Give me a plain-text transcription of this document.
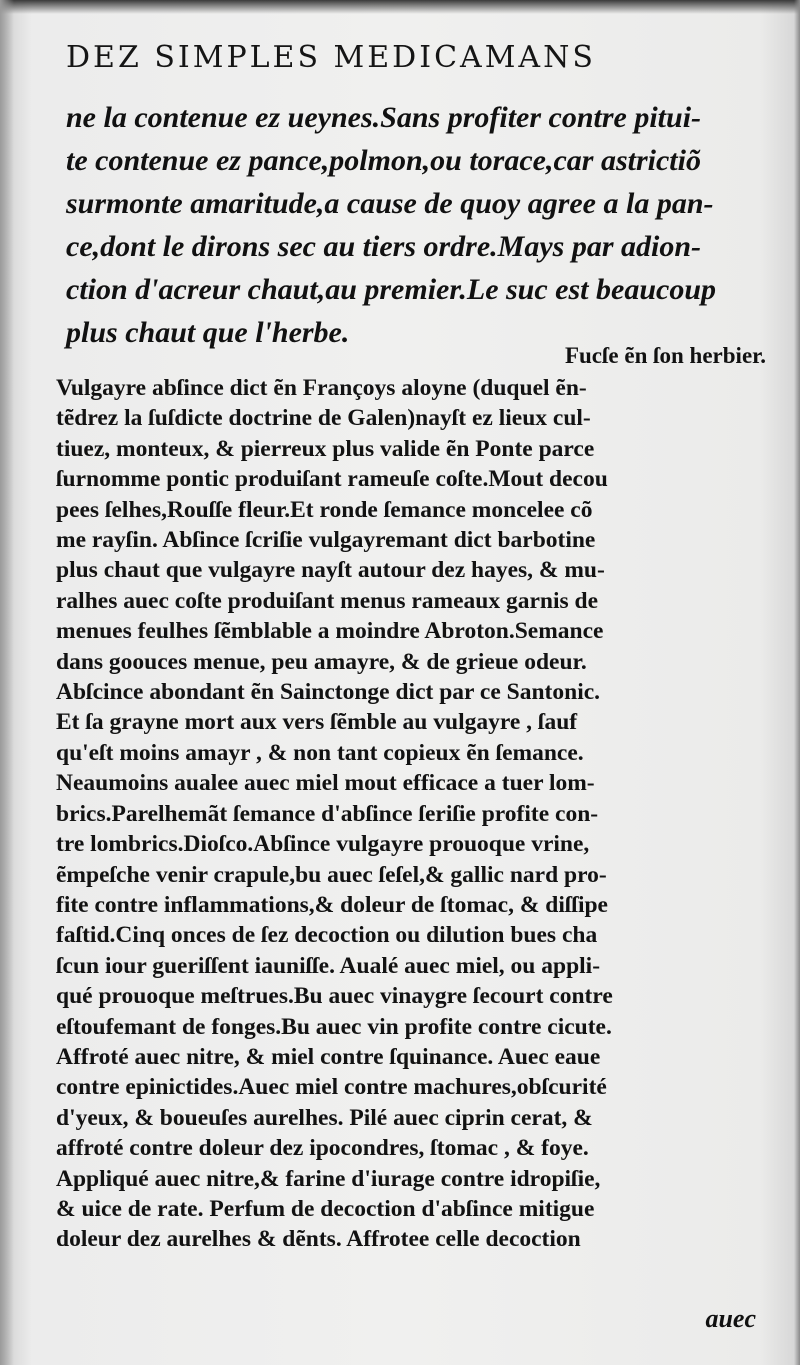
DEZ SIMPLES MEDICAMANS
ne la contenue ez ueynes.Sans profiter contre pitui-
te contenue ez pance,polmon,ou torace,car astrictiõ
surmonte amaritude,a cause de quoy agree a la pan-
ce,dont le dirons sec au tiers ordre.Mays par adion-
ction d'acreur chaut,au premier.Le suc est beaucoup
plus chaut que l'herbe.
Fucſe ẽn ſon herbier.
Vulgayre abſince dict ẽn Françoys aloyne (duquel ẽn-
tẽdrez la ſuſdicte doctrine de Galen)nayſt ez lieux cul-
tiuez, monteux, & pierreux plus valide ẽn Ponte parce
ſurnomme pontic produiſant rameuſe coſte.Mout decou
pees ſelhes,Rouſſe fleur.Et ronde ſemance moncelee cõ
me rayſin. Abſince ſcriſie vulgayremant dict barbotine
plus chaut que vulgayre nayſt autour dez hayes, & mu-
ralhes auec coſte produiſant menus rameaux garnis de
menues feulhes ſẽmblable a moindre Abroton.Semance
dans goouces menue, peu amayre, & de grieue odeur.
Abſcince abondant ẽn Sainctonge dict par ce Santonic.
Et ſa grayne mort aux vers ſẽmble au vulgayre , ſauf
qu'eſt moins amayr , & non tant copieux ẽn ſemance.
Neaumoins aualee auec miel mout efficace a tuer lom-
brics.Parelhemãt ſemance d'abſince ſeriſie profite con-
tre lombrics.Dioſco.Abſince vulgayre prouoque vrine,
ẽmpeſche venir crapule,bu auec ſeſel,& gallic nard pro-
fite contre inflammations,& doleur de ſtomac, & diſſipe
faſtid.Cinq onces de ſez decoction ou dilution bues cha
ſcun iour gueriſſent iauniſſe. Aualé auec miel, ou appli-
qué prouoque meſtrues.Bu auec vinaygre ſecourt contre
eſtoufemant de fonges.Bu auec vin profite contre cicute.
Affroté auec nitre, & miel contre ſquinance. Auec eaue
contre epinictides.Auec miel contre machures,obſcurité
d'yeux, & boueuſes aurelhes. Pilé auec ciprin cerat, &
affroté contre doleur dez ipocondres, ſtomac , & foye.
Appliqué auec nitre,& farine d'iurage contre idropiſie,
& uice de rate. Perfum de decoction d'abſince mitigue
doleur dez aurelhes & dẽnts. Affrotee celle decoction
auec
